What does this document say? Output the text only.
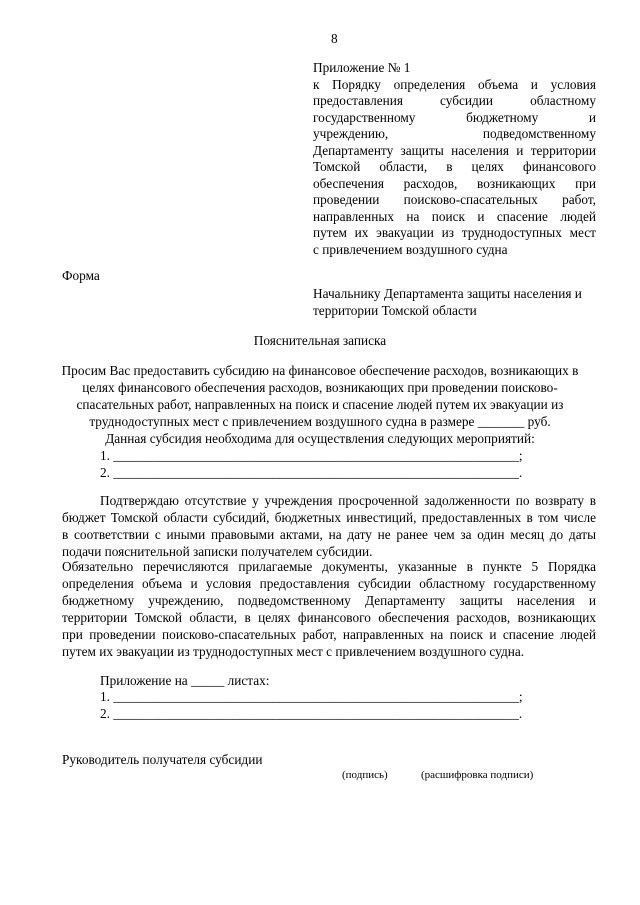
8
Приложение № 1
к Порядку определения объема и условия
предоставления субсидии областному
государственному бюджетному и
учреждению, подведомственному
Департаменту защиты населения и территории
Томской области, в целях финансового
обеспечения расходов, возникающих при
проведении поисково-спасательных работ,
направленных на поиск и спасение людей
путем их эвакуации из труднодоступных мест
с привлечением воздушного судна
Форма
Начальнику Департамента защиты населения и
территории Томской области
Пояснительная записка
Просим Вас предоставить субсидию на финансовое обеспечение расходов, возникающих в
целях финансового обеспечения расходов, возникающих при проведении поисково-
спасательных работ, направленных на поиск и спасение людей путем их эвакуации из
труднодоступных мест с привлечением воздушного судна в размере _______ руб.
Данная субсидия необходима для осуществления следующих мероприятий:
1. _____________________________________________________________;
2. _____________________________________________________________.
Подтверждаю отсутствие у учреждения просроченной задолженности по возврату в
бюджет Томской области субсидий, бюджетных инвестиций, предоставленных в том числе
в соответствии с иными правовыми актами, на дату не ранее чем за один месяц до даты
подачи пояснительной записки получателем субсидии.
Обязательно перечисляются прилагаемые документы, указанные в пункте 5 Порядка
определения объема и условия предоставления субсидии областному государственному
бюджетному учреждению, подведомственному Департаменту защиты населения и
территории Томской области, в целях финансового обеспечения расходов, возникающих
при проведении поисково-спасательных работ, направленных на поиск и спасение людей
путем их эвакуации из труднодоступных мест с привлечением воздушного судна.
Приложение на _____ листах:
1. _____________________________________________________________;
2. _____________________________________________________________.
Руководитель получателя субсидии
(подпись)	(расшифровка подписи)
